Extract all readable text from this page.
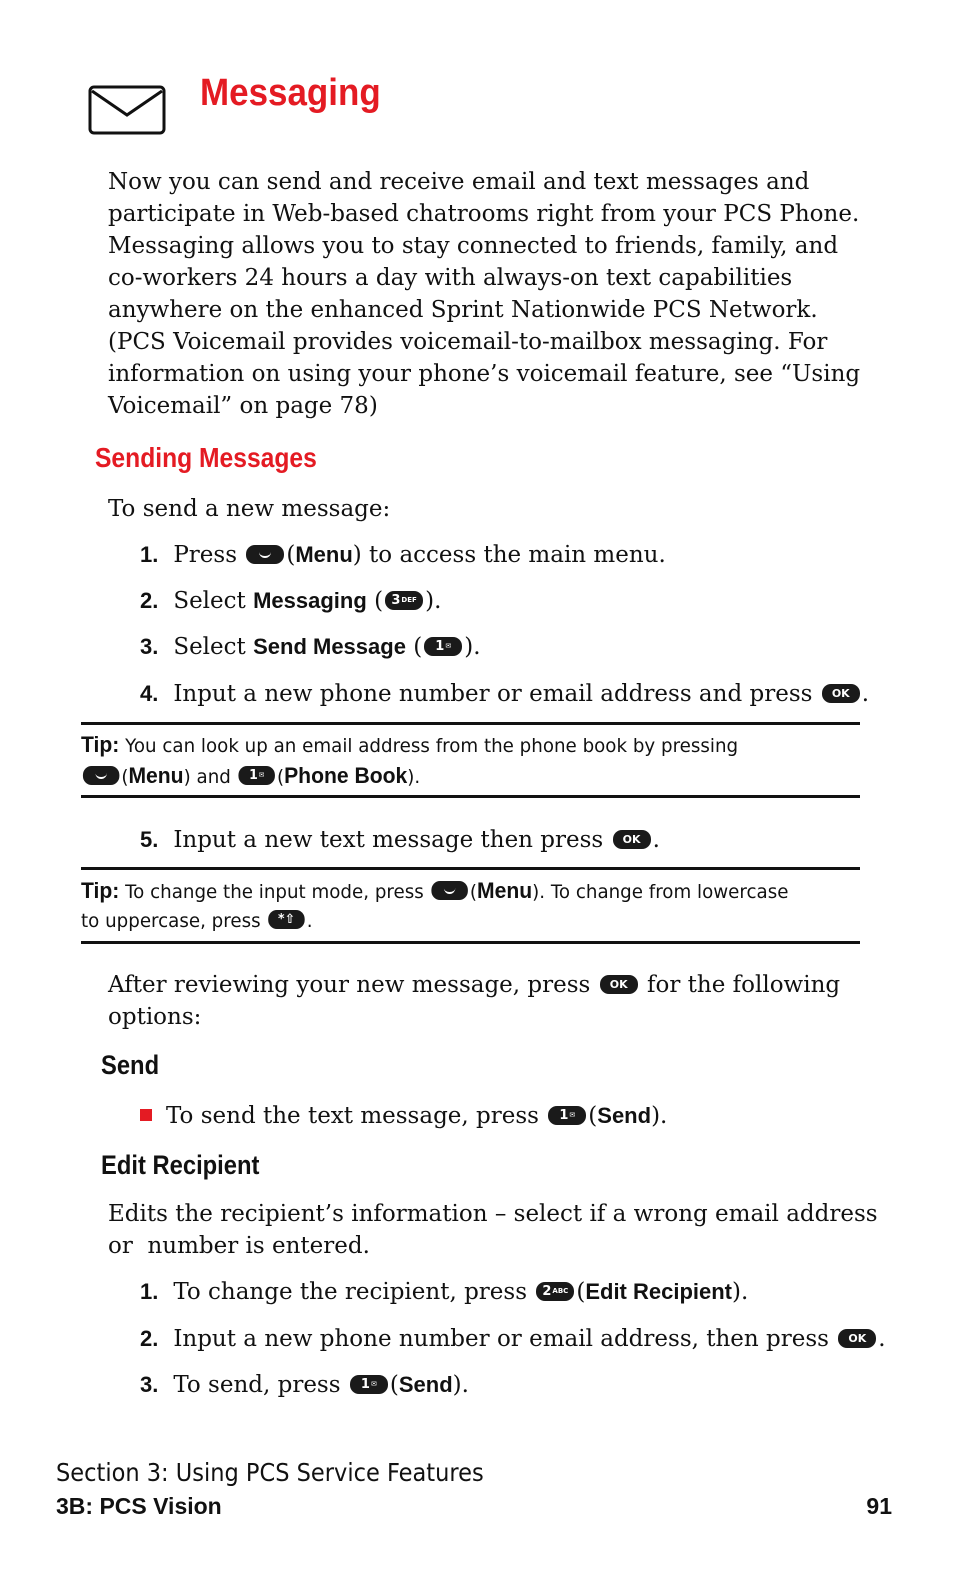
Messaging

Now you can send and receive email and text messages and participate in Web-based chatrooms right from your PCS Phone. Messaging allows you to stay connected to friends, family, and co-workers 24 hours a day with always-on text capabilities anywhere on the enhanced Sprint Nationwide PCS Network. (PCS Voicemail provides voicemail-to-mailbox messaging. For information on using your phone’s voicemail feature, see “Using Voicemail” on page 78)

Sending Messages
To send a new message:
1. Press (Menu) to access the main menu.
2. Select Messaging ( $3^{DEF}$ ).
3. Select Send Message ( 1✉ ).
4. Input a new phone number or email address and press OK .
Tip: You can look up an email address from the phone book by pressing
(Menu) and 1✉ (Phone Book).
5. Input a new text message then press OK .
Tip: To change the input mode, press (Menu). To change from lowercase
to uppercase, press *⇧ .
After reviewing your new message, press OK for the following
options:
Send
To send the text message, press 1✉ (Send).
Edit Recipient
Edits the recipient’s information – select if a wrong email address
or  number is entered.
1. To change the recipient, press $2^{ABC}$ (Edit Recipient).
2. Input a new phone number or email address, then press OK .
3. To send, press 1✉ (Send).
Section 3: Using PCS Service Features
3B: PCS Vision	91
